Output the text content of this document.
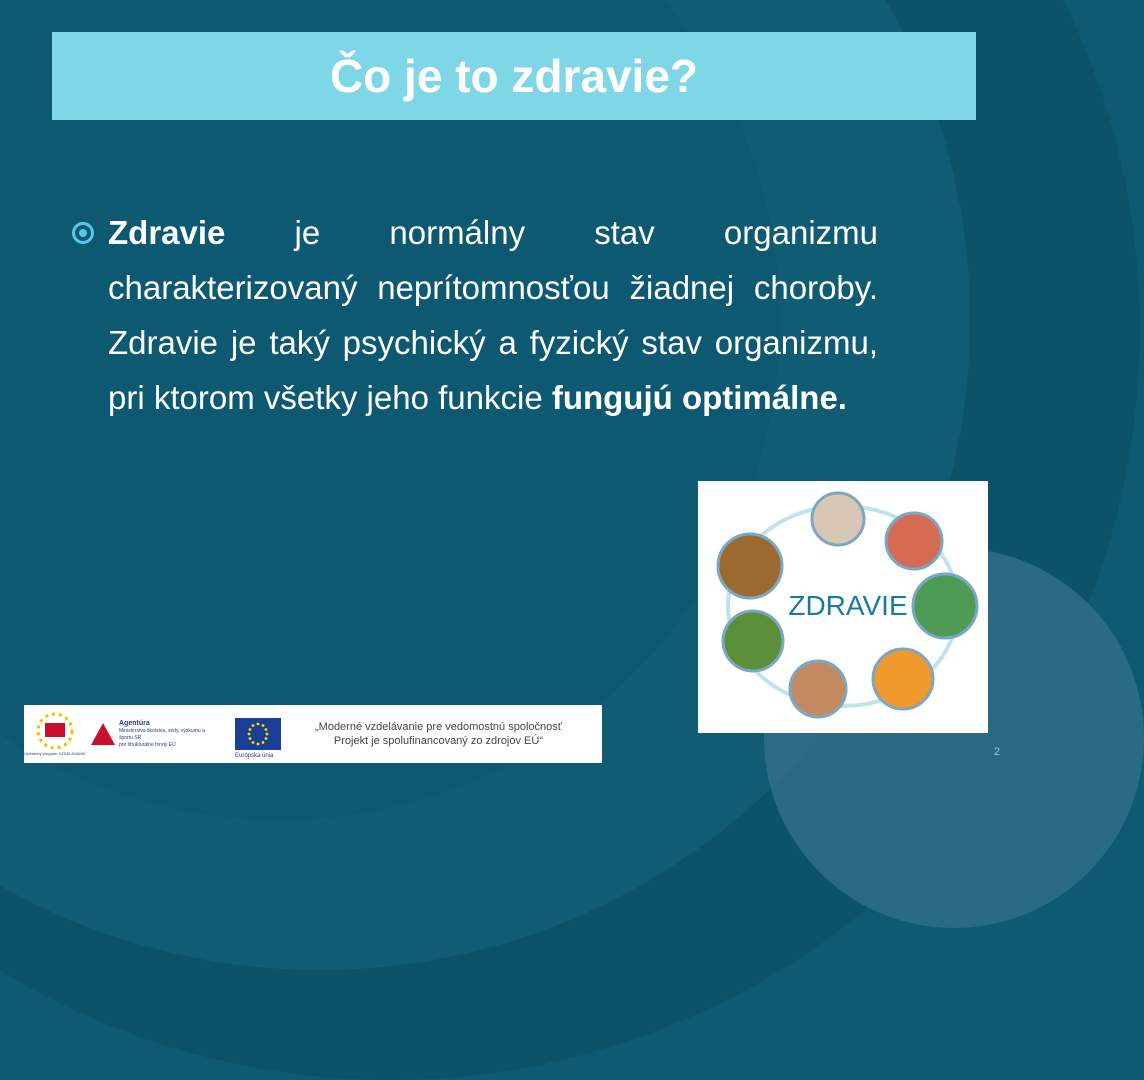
Čo je to zdravie?
Zdravie je normálny stav organizmu charakterizovaný neprítomnosťou žiadnej choroby. Zdravie je taký psychický a fyzický stav organizmu, pri ktorom všetky jeho funkcie fungujú optimálne.
ZDRAVIE
Operačný program VZDELÁVANIE
Agentúra
Ministerstva školstva, vedy, výskumu a športu SR
pre štrukturálne fondy EÚ
Európska únia
„Moderné vzdelávanie pre vedomostnú spoločnosť
Projekt je spolufinancovaný zo zdrojov EÚ“
2
